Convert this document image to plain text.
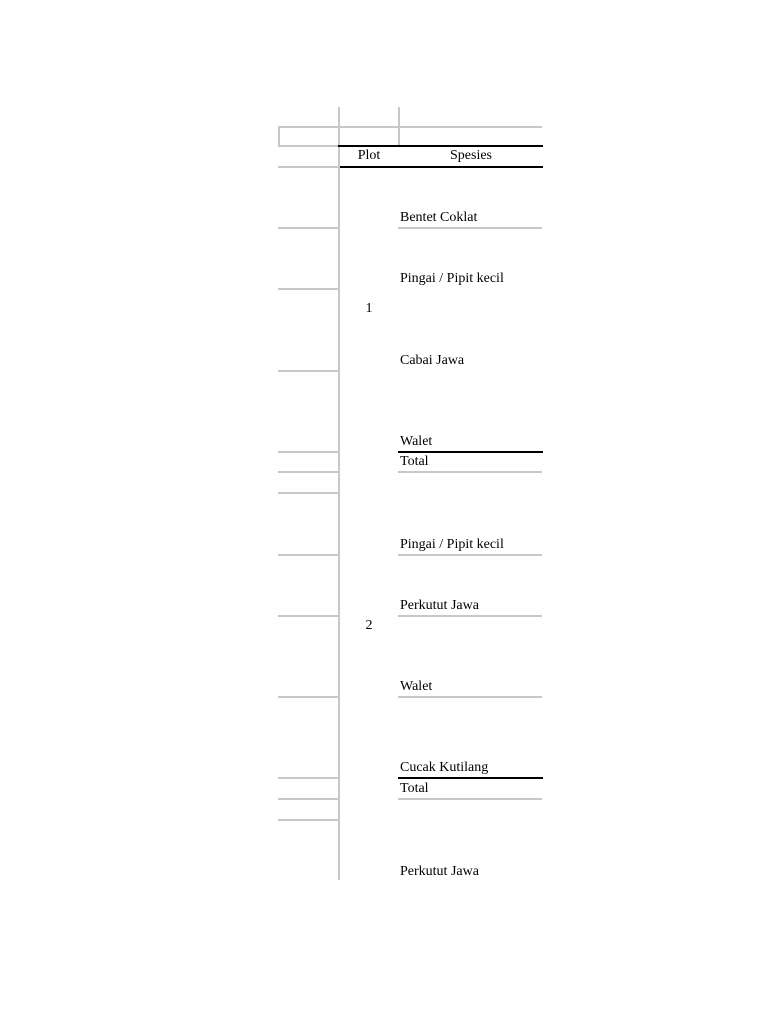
Plot	Spesies
Bentet Coklat
Pingai / Pipit kecil
1
Cabai Jawa
Walet
Total
Pingai / Pipit kecil
Perkutut Jawa
2
Walet
Cucak Kutilang
Total
Perkutut Jawa
